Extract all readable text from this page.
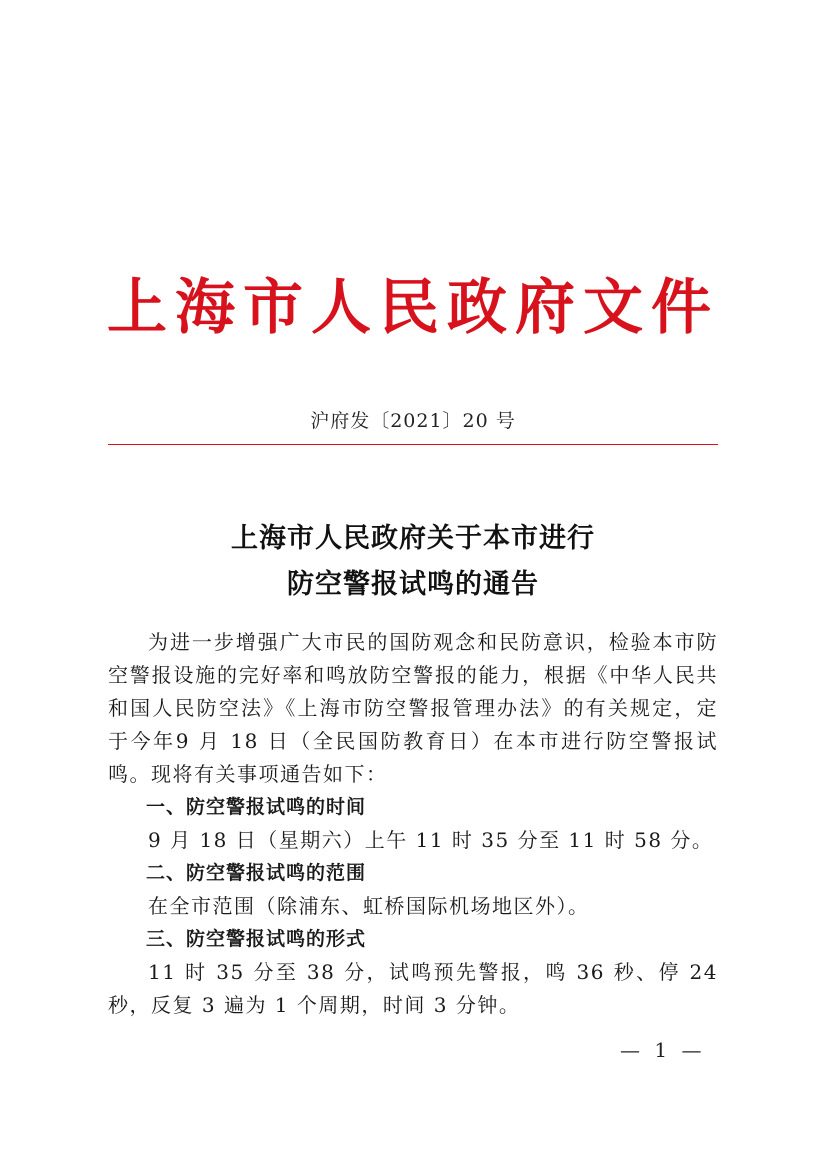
上海市人民政府文件
沪府发〔2021〕20 号
上海市人民政府关于本市进行
防空警报试鸣的通告

为进一步增强广大市民的国防观念和民防意识，检验本市防空警报设施的完好率和鸣放防空警报的能力，根据《中华人民共和国人民防空法》《上海市防空警报管理办法》的有关规定，定于今年9 月 18 日（全民国防教育日）在本市进行防空警报试鸣。现将有关事项通告如下：

一、防空警报试鸣的时间

9 月 18 日（星期六）上午 11 时 35 分至 11 时 58 分。

二、防空警报试鸣的范围

在全市范围（除浦东、虹桥国际机场地区外）。

三、防空警报试鸣的形式

11 时 35 分至 38 分，试鸣预先警报，鸣 36 秒、停 24 秒，反复 3 遍为 1 个周期，时间 3 分钟。

— 1 —
